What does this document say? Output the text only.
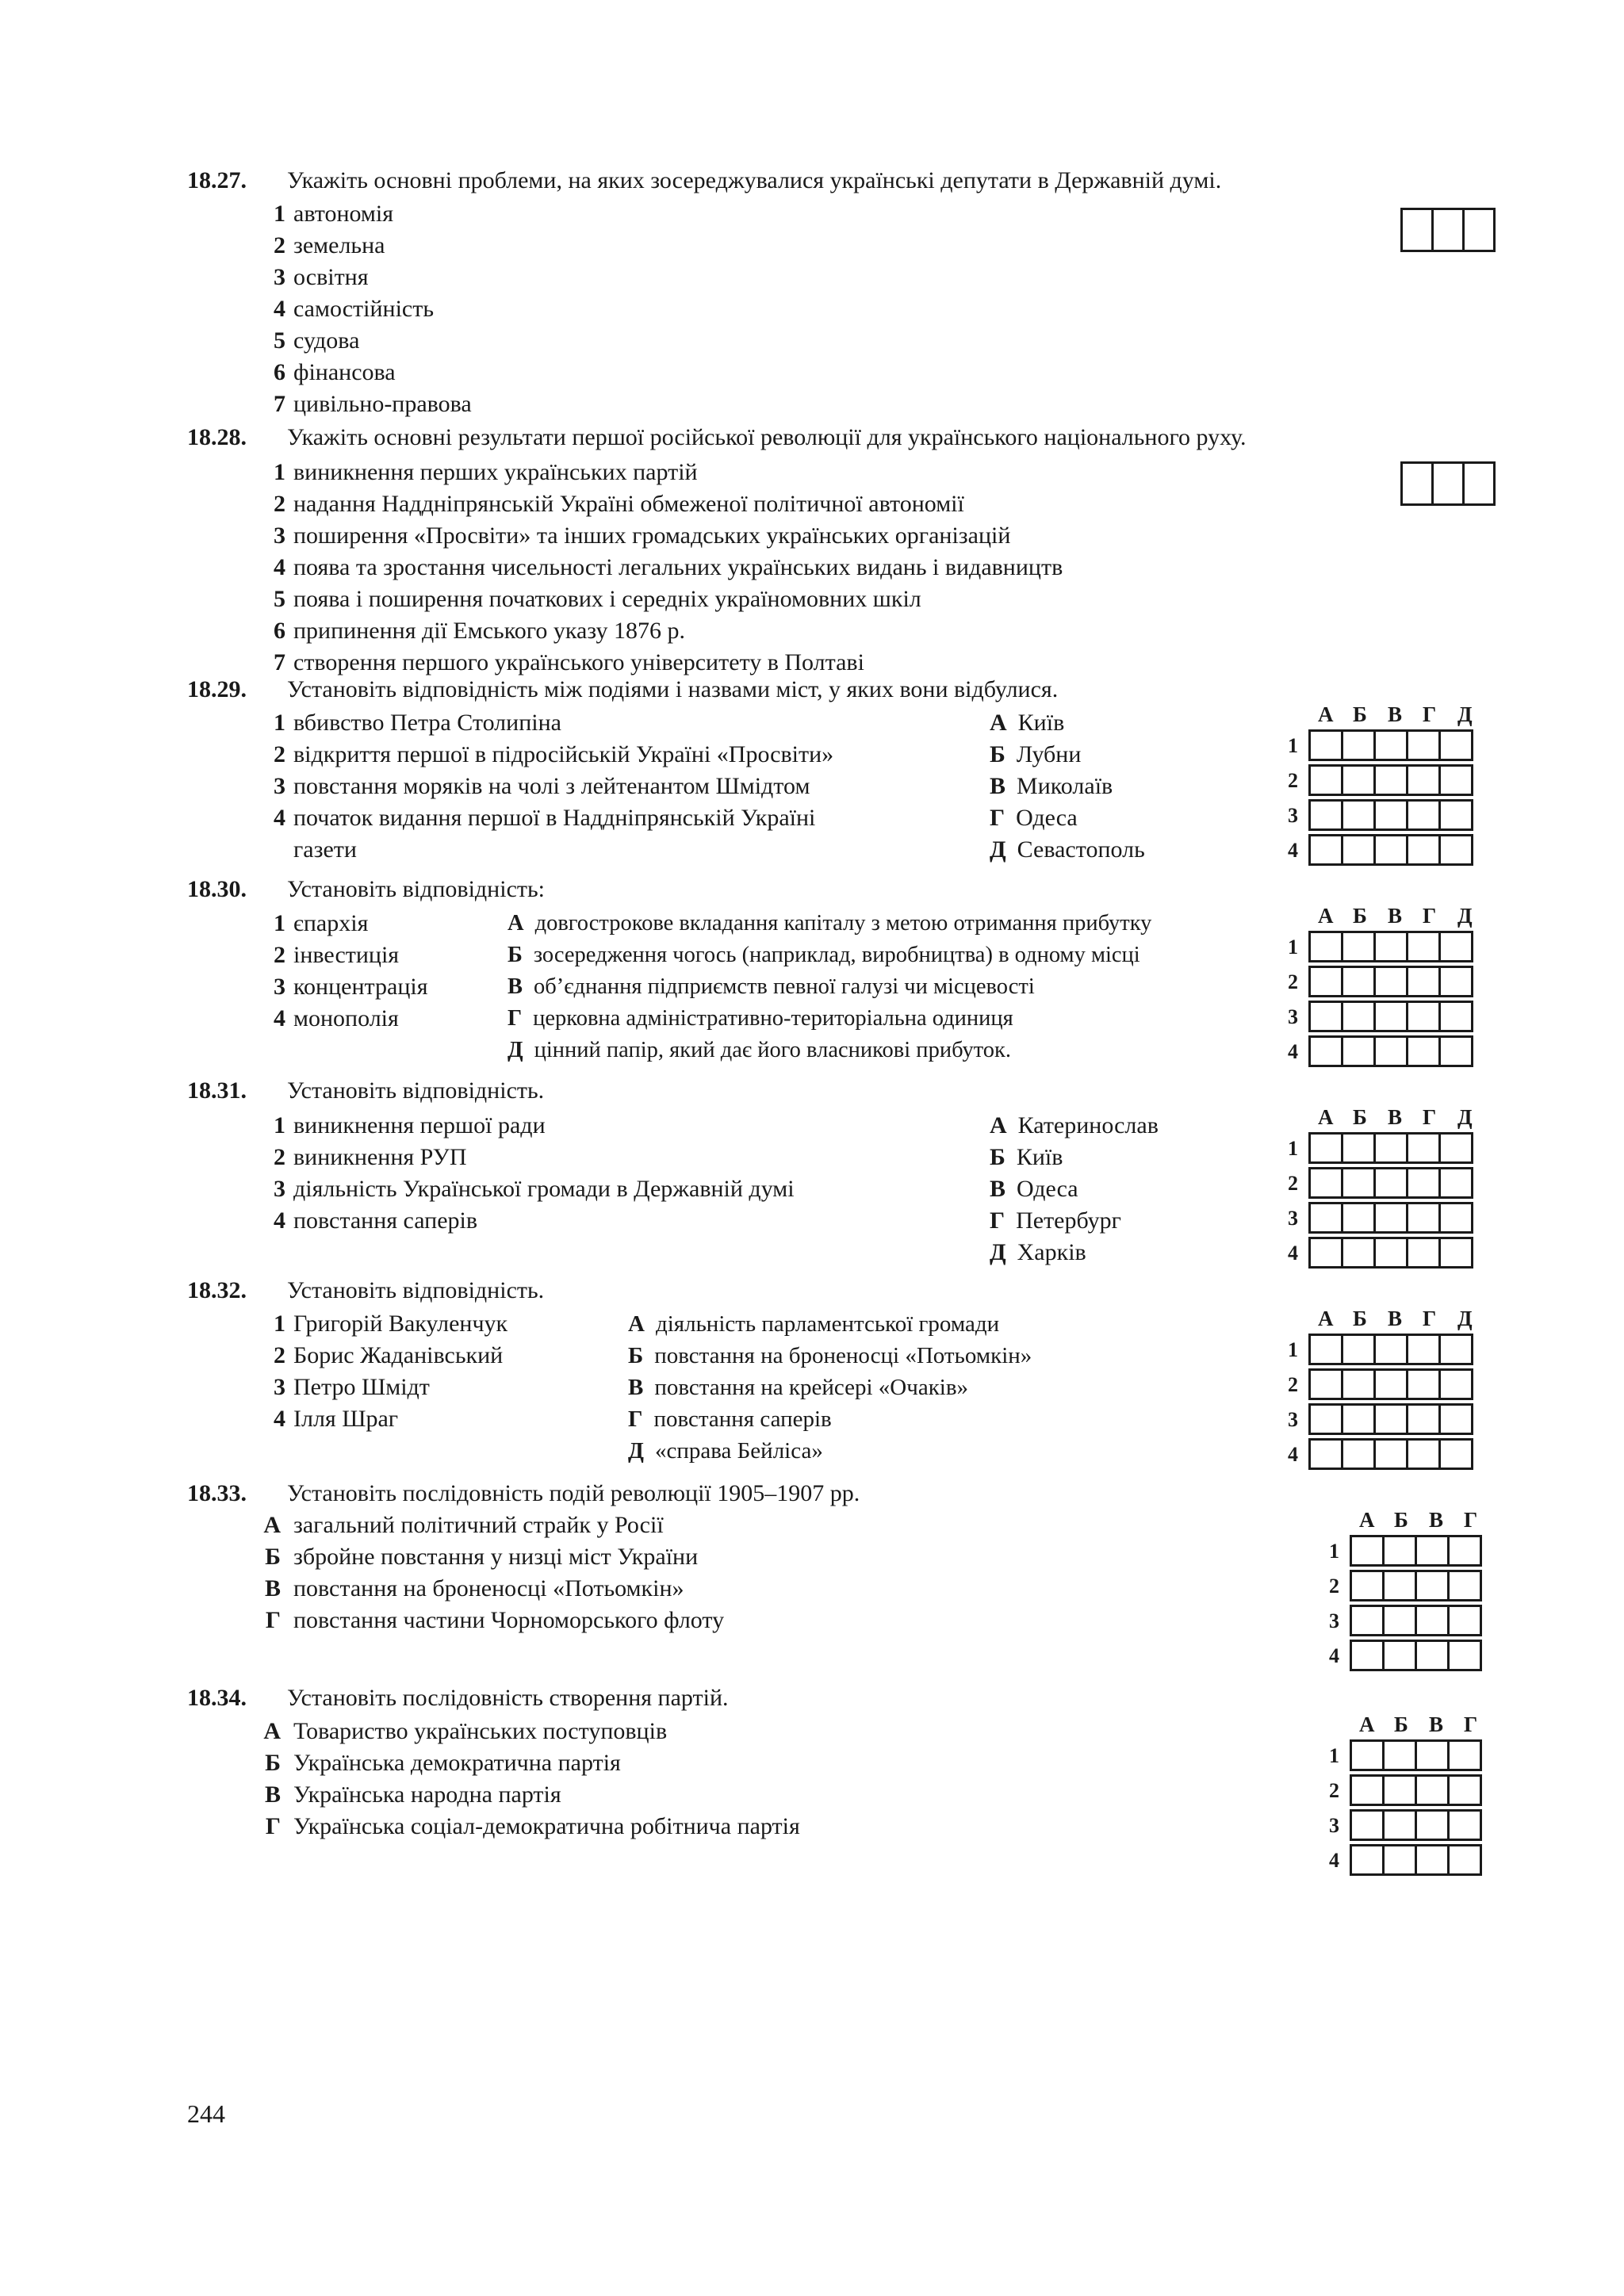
18.27. Укажіть основні проблеми, на яких зосереджувалися українські депутати в Державній думі.
1 автономія
2 земельна
3 освітня
4 самостійність
5 судова
6 фінансова
7 цивільно-правова
18.28. Укажіть основні результати першої російської революції для українського національного руху.
1 виникнення перших українських партій
2 надання Наддніпрянській Україні обмеженої політичної автономії
3 поширення «Просвіти» та інших громадських українських організацій
4 поява та зростання чисельності легальних українських видань і видавництв
5 поява і поширення початкових і середніх україномовних шкіл
6 припинення дії Емського указу 1876 р.
7 створення першого українського університету в Полтаві
18.29. Установіть відповідність між подіями і назвами міст, у яких вони відбулися.
1 вбивство Петра Столипіна
2 відкриття першої в підросійській Україні «Просвіти»
3 повстання моряків на чолі з лейтенантом Шмідтом
4 початок видання першої в Наддніпрянській Україні
газети
А Київ
Б Лубни
В Миколаїв
Г Одеса
Д Севастополь
А Б В Г Д
1
2
3
4
18.30. Установіть відповідність:
1 єпархія
2 інвестиція
3 концентрація
4 монополія
А довгострокове вкладання капіталу з метою отримання прибутку
Б зосередження чогось (наприклад, виробництва) в одному місці
В об’єднання підприємств певної галузі чи місцевості
Г церковна адміністративно-територіальна одиниця
Д цінний папір, який дає його власникові прибуток.
А Б В Г Д
1
2
3
4
18.31. Установіть відповідність.
1 виникнення першої ради
2 виникнення РУП
3 діяльність Української громади в Державній думі
4 повстання саперів
А Катеринослав
Б Київ
В Одеса
Г Петербург
Д Харків
А Б В Г Д
1
2
3
4
18.32. Установіть відповідність.
1 Григорій Вакуленчук
2 Борис Жаданівський
3 Петро Шмідт
4 Ілля Шраг
А діяльність парламентської громади
Б повстання на броненосці «Потьомкін»
В повстання на крейсері «Очаків»
Г повстання саперів
Д «справа Бейліса»
А Б В Г Д
1
2
3
4
18.33. Установіть послідовність подій революції 1905–1907 рр.
А загальний політичний страйк у Росії
Б збройне повстання у низці міст України
В повстання на броненосці «Потьомкін»
Г повстання частини Чорноморського флоту
А Б В Г
1
2
3
4
18.34. Установіть послідовність створення партій.
А Товариство українських поступовців
Б Українська демократична партія
В Українська народна партія
Г Українська соціал-демократична робітнича партія
А Б В Г
1
2
3
4
244
